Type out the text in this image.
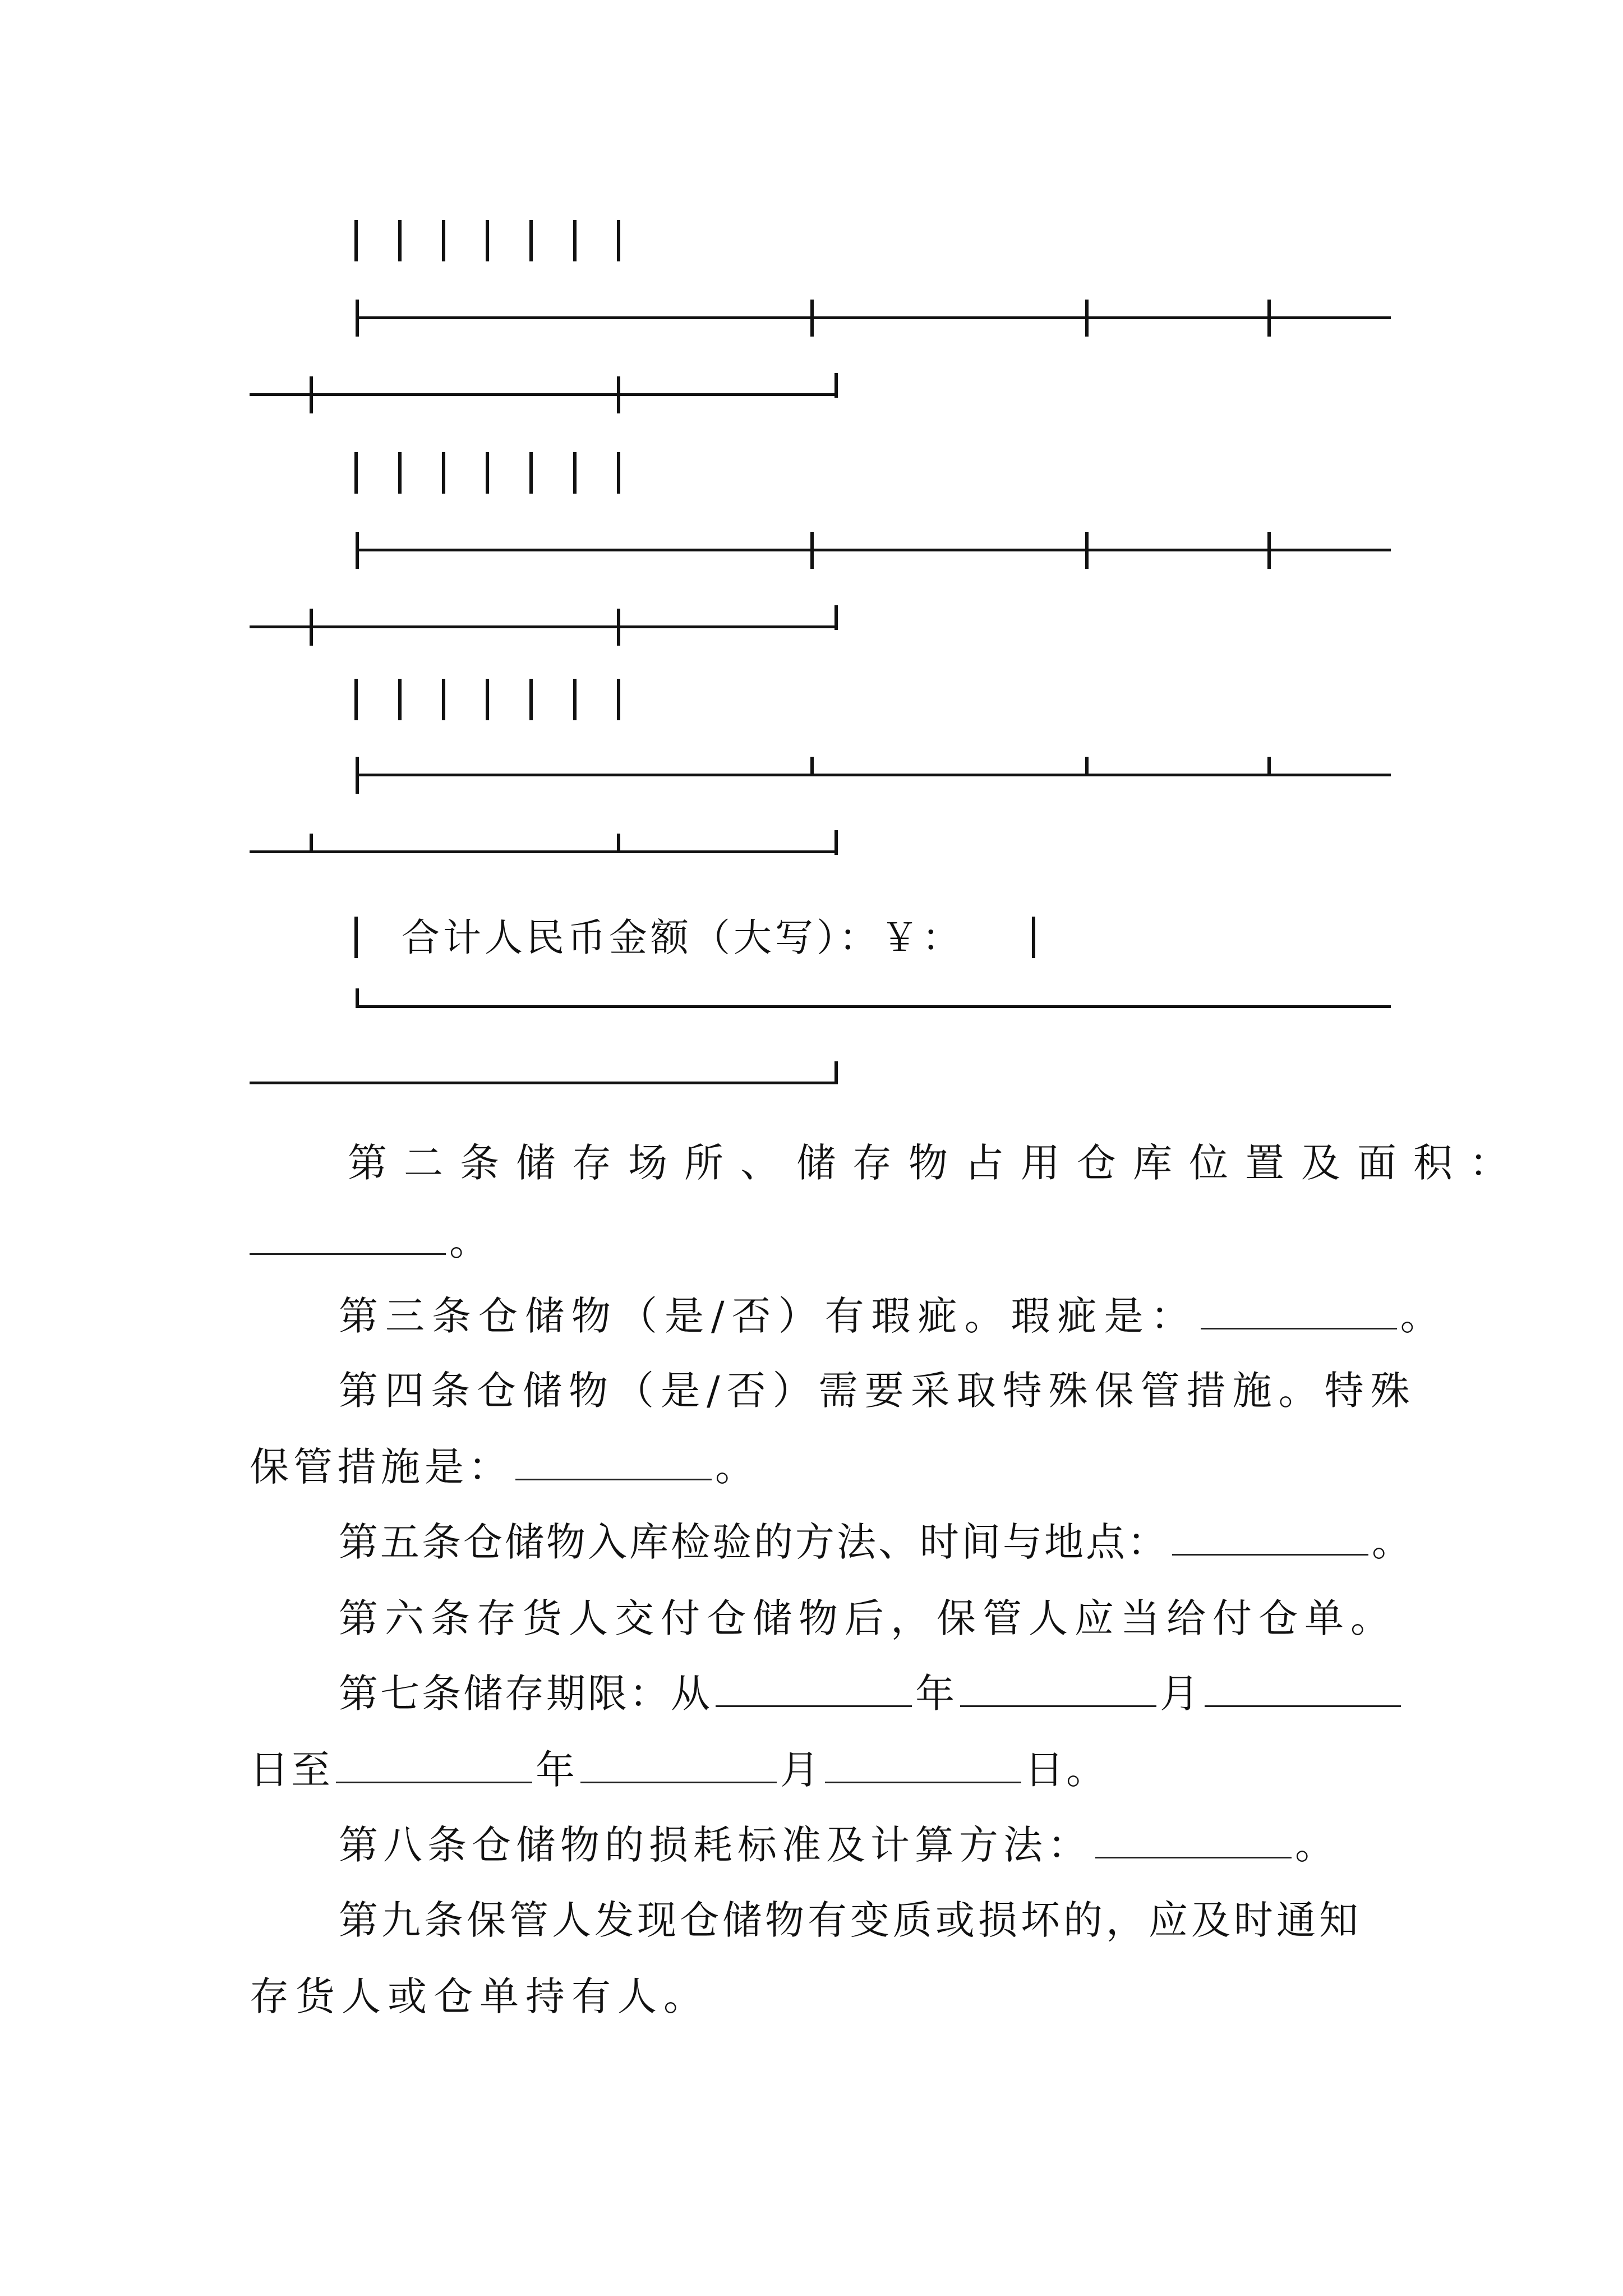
合计人民币金额（大写）：￥：
第二条储存场所、储存物占用仓库位置及面积：
。
第三条仓储物（是/否）有瑕疵。瑕疵是：	。
第四条仓储物（是/否）需要采取特殊保管措施。特殊
保管措施是：	。
第五条仓储物入库检验的方法、时间与地点：	。
第六条存货人交付仓储物后，保管人应当给付仓单。
第七条储存期限：从	年	月
日至	年	月	日。
第八条仓储物的损耗标准及计算方法：	。
第九条保管人发现仓储物有变质或损坏的，应及时通知
存货人或仓单持有人。
